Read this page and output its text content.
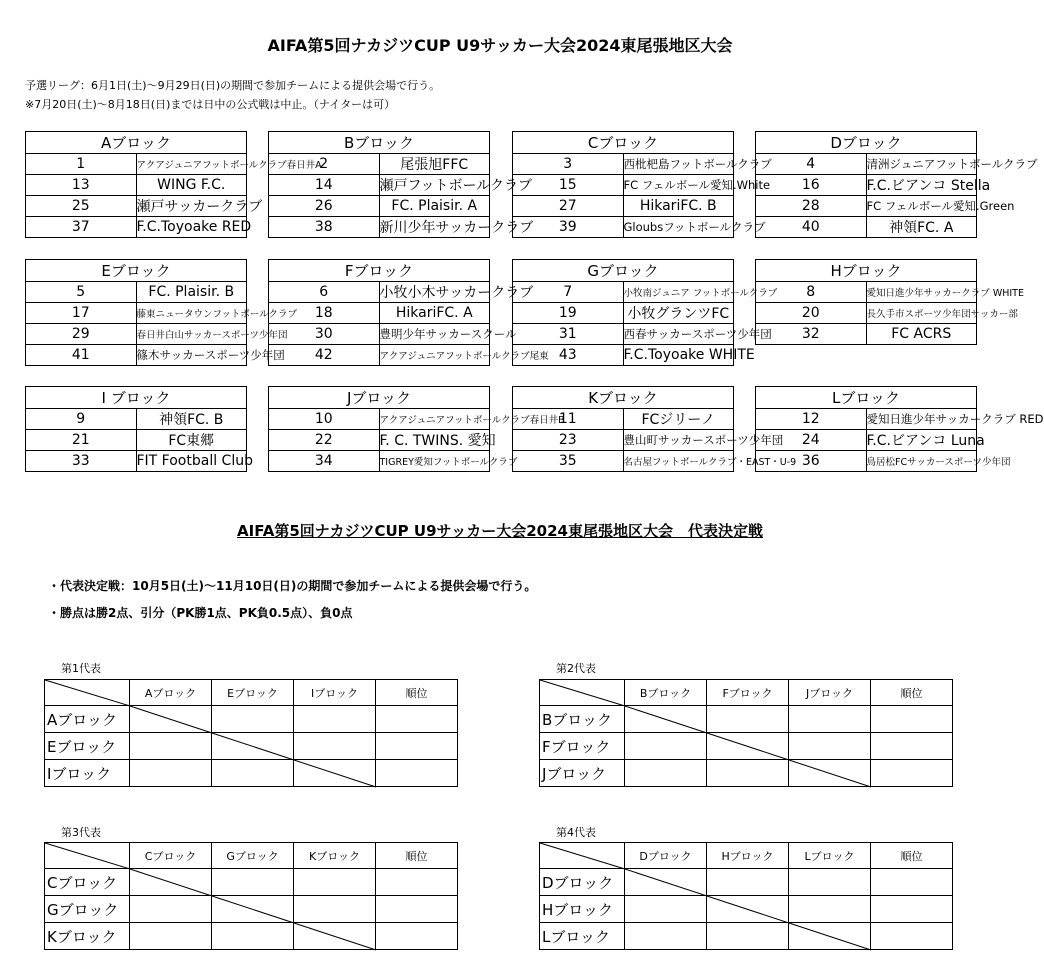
AIFA第5回ナカジツCUP U9サッカー大会2024東尾張地区大会
予選リーグ：6月1日(土)～9月29日(日)の期間で参加チームによる提供会場で行う。
※7月20日(土)～8月18日(日)までは日中の公式戦は中止。（ナイターは可）
Aブロック	
1	アクアジュニアフットボールクラブ春日井A
13	WING F.C.
25	瀬戸サッカークラブ
37	F.C.Toyoake RED
Bブロック	
2	尾張旭FFC
14	瀬戸フットボールクラブ
26	FC. Plaisir. A
38	新川少年サッカークラブ
Cブロック	
3	西枇杷島フットボールクラブ
15	FC フェルボール愛知.White
27	HikariFC. B
39	Gloubsフットボールクラブ
Dブロック	
4	清洲ジュニアフットボールクラブ
16	F.C.ビアンコ Stella
28	FC フェルボール愛知.Green
40	神領FC. A
Eブロック	
5	FC. Plaisir. B
17	藤東ニュータウンフットボールクラブ
29	春日井白山サッカースポーツ少年団
41	篠木サッカースポーツ少年団
Fブロック	
6	小牧小木サッカークラブ
18	HikariFC. A
30	豊明少年サッカースクール
42	アクアジュニアフットボールクラブ尾東
Gブロック	
7	小牧南ジュニア フットボールクラブ
19	小牧グランツFC
31	西春サッカースポーツ少年団
43	F.C.Toyoake WHITE
Hブロック	
8	愛知日進少年サッカークラブ WHITE
20	長久手市スポーツ少年団サッカー部
32	FC ACRS

I ブロック	
9	神領FC. B
21	FC東郷
33	FIT Football Club

Jブロック	
10	アクアジュニアフットボールクラブ春日井B
22	F. C. TWINS. 愛知
34	TIGREY愛知フットボールクラブ

Kブロック	
11	FCジリーノ
23	豊山町サッカースポーツ少年団
35	名古屋フットボールクラブ・EAST・U-9

Lブロック	
12	愛知日進少年サッカークラブ RED
24	F.C.ビアンコ Luna
36	鳥居松FCサッカースポーツ少年団

AIFA第5回ナカジツCUP U9サッカー大会2024東尾張地区大会　代表決定戦
・代表決定戦：10月5日(土)～11月10日(日)の期間で参加チームによる提供会場で行う。
・勝点は勝2点、引分（PK勝1点、PK負0.5点）、負0点
第1代表
	Aブロック	Eブロック	Iブロック	順位
Aブロック	

Eブロック		

Iブロック			

第2代表
	Bブロック	Fブロック	Jブロック	順位
Bブロック	

Fブロック		

Jブロック			

第3代表
	Cブロック	Gブロック	Kブロック	順位
Cブロック	

Gブロック		

Kブロック			

第4代表
	Dブロック	Hブロック	Lブロック	順位
Dブロック	

Hブロック		

Lブロック			
